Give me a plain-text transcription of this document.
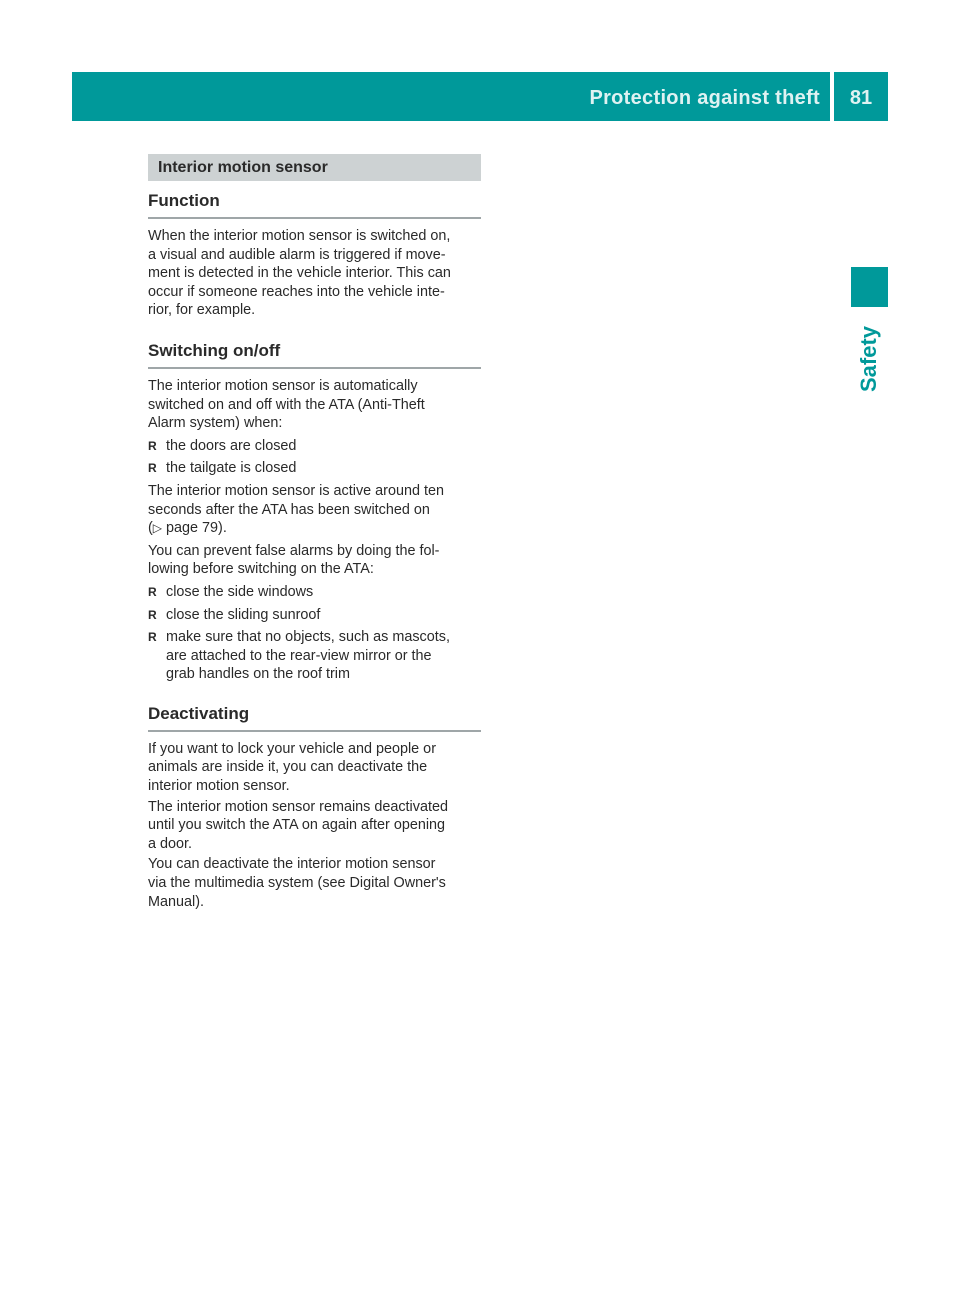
Protection against theft	81
Safety
Interior motion sensor
Function

When the interior motion sensor is switched on,

a visual and audible alarm is triggered if move-

ment is detected in the vehicle interior. This can

occur if someone reaches into the vehicle inte-

rior, for example.

Switching on/off

The interior motion sensor is automatically

switched on and off with the ATA (Anti-Theft

Alarm system) when:

R the doors are closed
R the tailgate is closed

The interior motion sensor is active around ten

seconds after the ATA has been switched on

(▷ page 79).

You can prevent false alarms by doing the fol-

lowing before switching on the ATA:

R close the side windows
R close the sliding sunroof
R make sure that no objects, such as mascots,
are attached to the rear-view mirror or the
grab handles on the roof trim
Deactivating

If you want to lock your vehicle and people or

animals are inside it, you can deactivate the

interior motion sensor.

The interior motion sensor remains deactivated

until you switch the ATA on again after opening

a door.

You can deactivate the interior motion sensor

via the multimedia system (see Digital Owner's

Manual).
